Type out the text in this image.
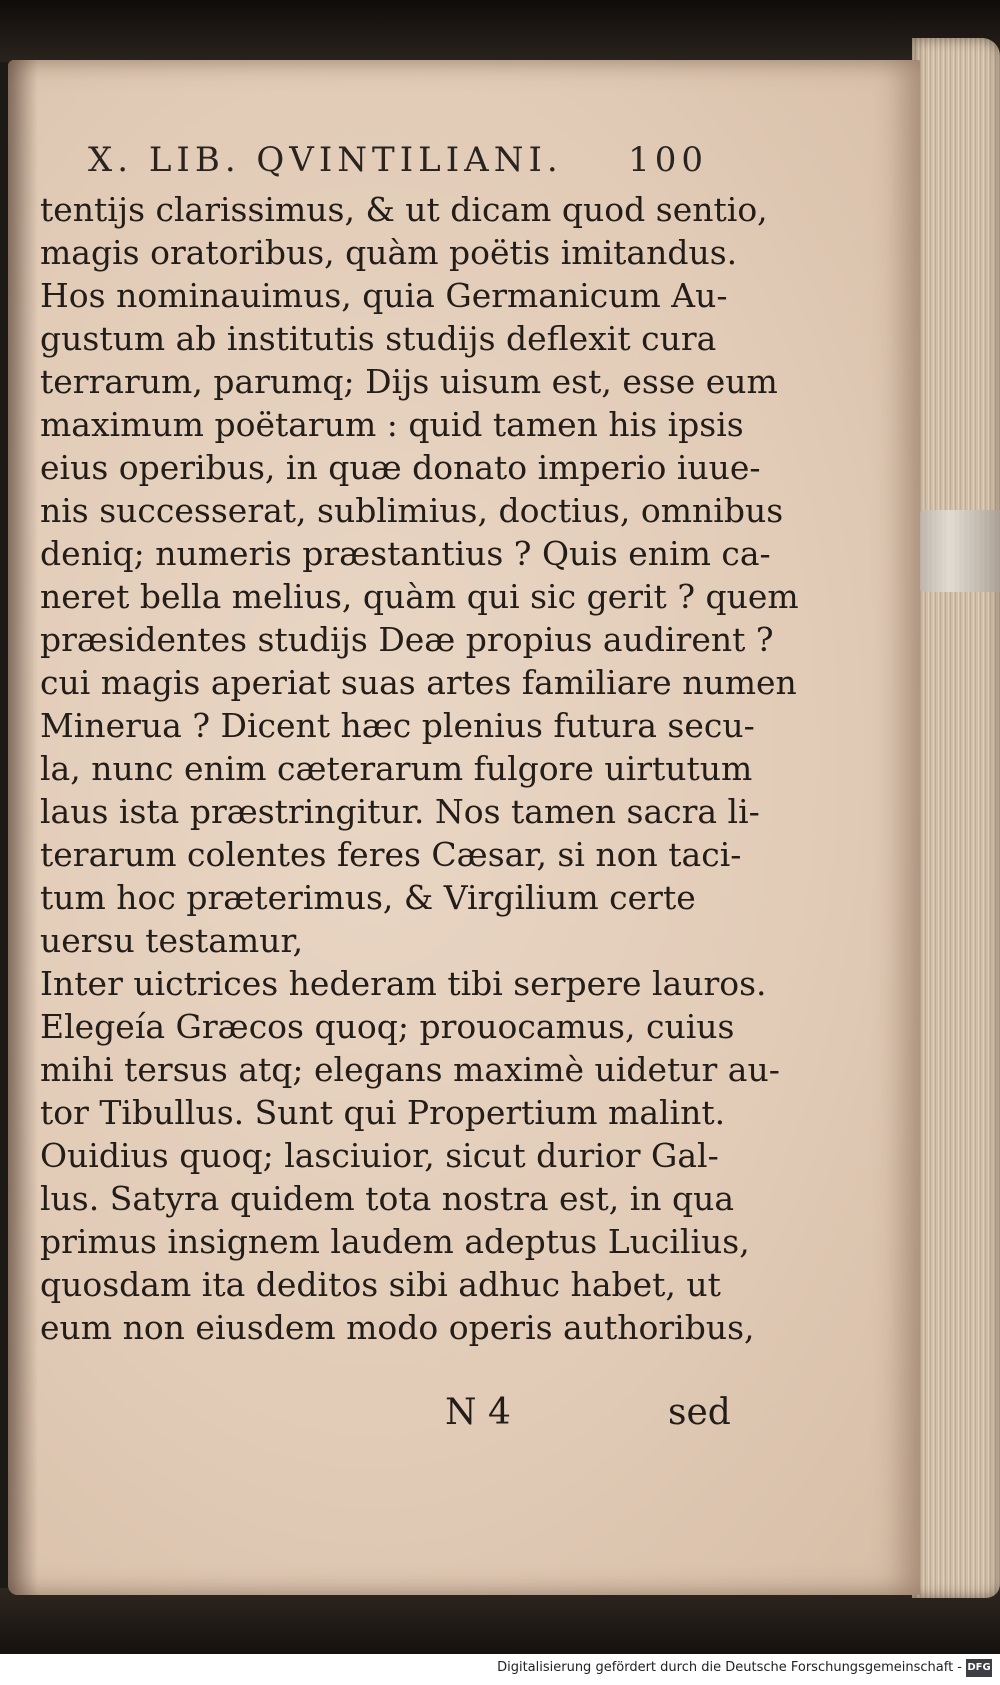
X. LIB. QVINTILIANI. 100
tentijs clarissimus, & ut dicam quod sentio,
magis oratoribus, quàm poëtis imitandus.
Hos nominauimus, quia Germanicum Au-
gustum ab institutis studijs deflexit cura
terrarum, parumq; Dijs uisum est, esse eum
maximum poëtarum : quid tamen his ipsis
eius operibus, in quæ donato imperio iuue-
nis successerat, sublimius, doctius, omnibus
deniq; numeris præstantius ? Quis enim ca-
neret bella melius, quàm qui sic gerit ? quem
præsidentes studijs Deæ propius audirent ?
cui magis aperiat suas artes familiare numen
Minerua ? Dicent hæc plenius futura secu-
la, nunc enim cæterarum fulgore uirtutum
laus ista præstringitur. Nos tamen sacra li-
terarum colentes feres Cæsar, si non taci-
tum hoc præterimus, & Virgilium certe
uersu testamur,
Inter uictrices hederam tibi serpere lauros.
Elegeía Græcos quoq; prouocamus, cuius
mihi tersus atq; elegans maximè uidetur au-
tor Tibullus. Sunt qui Propertium malint.
Ouidius quoq; lasciuior, sicut durior Gal-
lus. Satyra quidem tota nostra est, in qua
primus insignem laudem adeptus Lucilius,
quosdam ita deditos sibi adhuc habet, ut
eum non eiusdem modo operis authoribus,
N 4	sed
Digitalisierung gefördert durch die Deutsche Forschungsgemeinschaft - DFG
